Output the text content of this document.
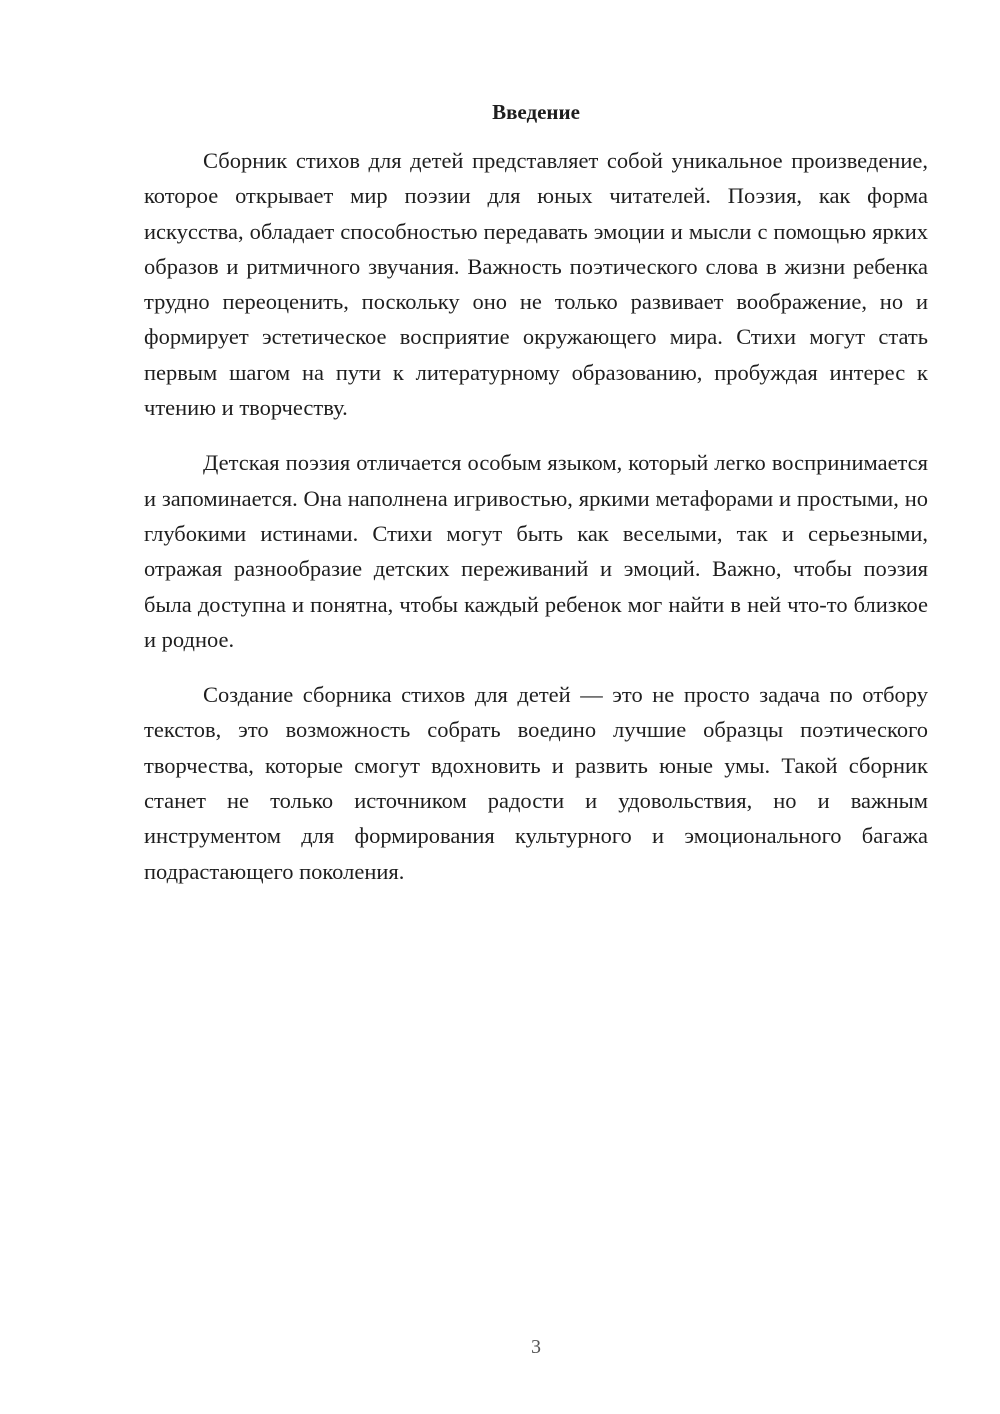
Введение

Сборник стихов для детей представляет собой уникальное произведение, которое открывает мир поэзии для юных читателей. Поэзия, как форма искусства, обладает способностью передавать эмоции и мысли с помощью ярких образов и ритмичного звучания. Важность поэтического слова в жизни ребенка трудно переоценить, поскольку оно не только развивает воображение, но и формирует эстетическое восприятие окружающего мира. Стихи могут стать первым шагом на пути к литературному образованию, пробуждая интерес к чтению и творчеству.

Детская поэзия отличается особым языком, который легко воспринимается и запоминается. Она наполнена игривостью, яркими метафорами и простыми, но глубокими истинами. Стихи могут быть как веселыми, так и серьезными, отражая разнообразие детских переживаний и эмоций. Важно, чтобы поэзия была доступна и понятна, чтобы каждый ребенок мог найти в ней что-то близкое и родное.

Создание сборника стихов для детей — это не просто задача по отбору текстов, это возможность собрать воедино лучшие образцы поэтического творчества, которые смогут вдохновить и развить юные умы. Такой сборник станет не только источником радости и удовольствия, но и важным инструментом для формирования культурного и эмоционального багажа подрастающего поколения.

3
